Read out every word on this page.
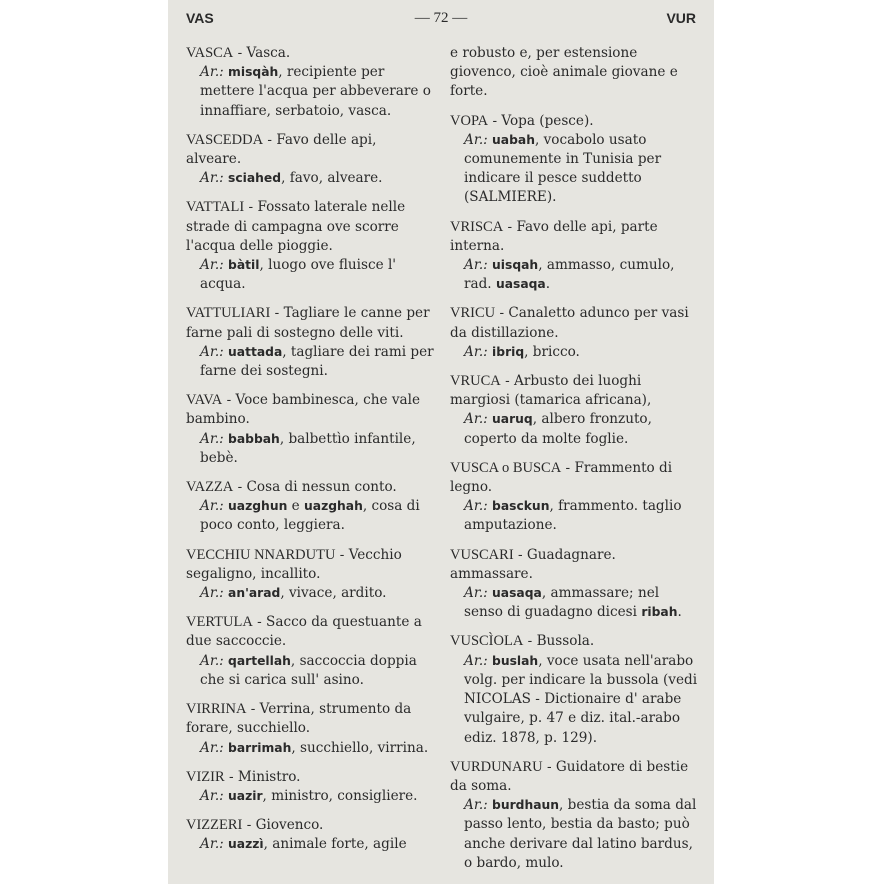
VAS	— 72 —	VUR
VASCA - Vasca.
Ar.: misqàh, recipiente per mettere l'acqua per abbeverare o innaffiare, serbatoio, vasca.
VASCEDDA - Favo delle api, alveare.
Ar.: sciahed, favo, alveare.
VATTALI - Fossato laterale nelle strade di campagna ove scorre l'acqua delle pioggie.
Ar.: bàtil, luogo ove fluisce l' acqua.
VATTULIARI - Tagliare le canne per farne pali di sostegno delle viti.
Ar.: uattada, tagliare dei rami per farne dei sostegni.
VAVA - Voce bambinesca, che vale bambino.
Ar.: babbah, balbettìo infantile, bebè.
VAZZA - Cosa di nessun conto.
Ar.: uazghun e uazghah, cosa di poco conto, leggiera.
VECCHIU NNARDUTU - Vecchio segaligno, incallito.
Ar.: an'arad, vivace, ardito.
VERTULA - Sacco da questuante a due saccoccie.
Ar.: qartellah, saccoccia doppia che si carica sull' asino.
VIRRINA - Verrina, strumento da forare, succhiello.
Ar.: barrimah, succhiello, virrina.
VIZIR - Ministro.
Ar.: uazir, ministro, consigliere.
VIZZERI - Giovenco.
Ar.: uazzì, animale forte, agile
e robusto e, per estensione giovenco, cioè animale giovane e forte.
VOPA - Vopa (pesce).
Ar.: uabah, vocabolo usato comunemente in Tunisia per indicare il pesce suddetto (SALMIERE).
VRISCA - Favo delle api, parte interna.
Ar.: uisqah, ammasso, cumulo, rad. uasaqa.
VRICU - Canaletto adunco per vasi da distillazione.
Ar.: ibriq, bricco.
VRUCA - Arbusto dei luoghi margiosi (tamarica africana),
Ar.: uaruq, albero fronzuto, coperto da molte foglie.
VUSCA o BUSCA - Frammento di legno.
Ar.: basckun, frammento. taglio amputazione.
VUSCARI - Guadagnare. ammassare.
Ar.: uasaqa, ammassare; nel senso di guadagno dicesi ribah.
VUSCÌOLA - Bussola.
Ar.: buslah, voce usata nell'arabo volg. per indicare la bussola (vedi NICOLAS - Dictionaire d' arabe vulgaire, p. 47 e diz. ital.-arabo ediz. 1878, p. 129).
VURDUNARU - Guidatore di bestie da soma.
Ar.: burdhaun, bestia da soma dal passo lento, bestia da basto; può anche derivare dal latino bardus, o bardo, mulo.
